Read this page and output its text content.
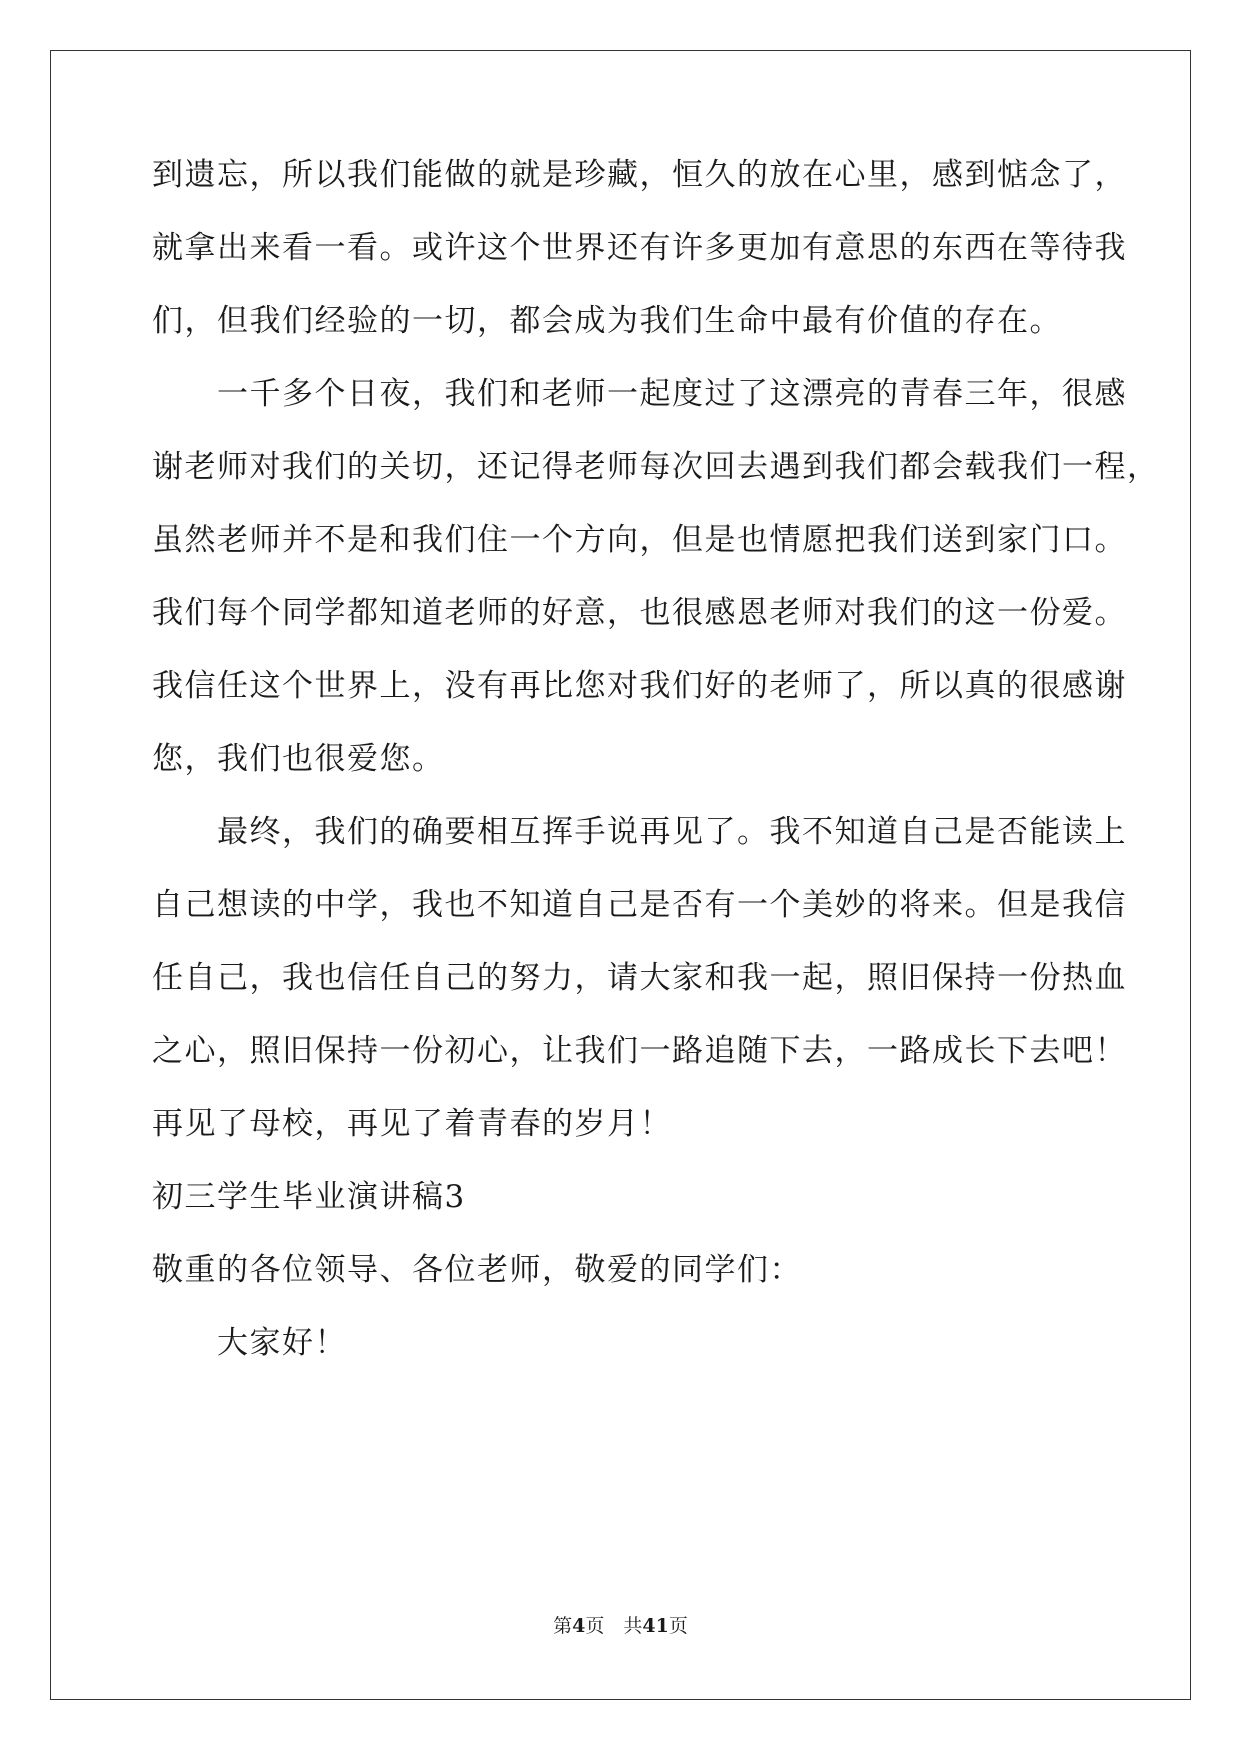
到遗忘，所以我们能做的就是珍藏，恒久的放在心里，感到惦念了，
就拿出来看一看。或许这个世界还有许多更加有意思的东西在等待我
们，但我们经验的一切，都会成为我们生命中最有价值的存在。
　　一千多个日夜，我们和老师一起度过了这漂亮的青春三年，很感
谢老师对我们的关切，还记得老师每次回去遇到我们都会载我们一程，
虽然老师并不是和我们住一个方向，但是也情愿把我们送到家门口。
我们每个同学都知道老师的好意，也很感恩老师对我们的这一份爱。
我信任这个世界上，没有再比您对我们好的老师了，所以真的很感谢
您，我们也很爱您。
　　最终，我们的确要相互挥手说再见了。我不知道自己是否能读上
自己想读的中学，我也不知道自己是否有一个美妙的将来。但是我信
任自己，我也信任自己的努力，请大家和我一起，照旧保持一份热血
之心，照旧保持一份初心，让我们一路追随下去，一路成长下去吧！
再见了母校，再见了着青春的岁月！
初三学生毕业演讲稿3
敬重的各位领导、各位老师，敬爱的同学们：
　　大家好！
第4页　共41页
